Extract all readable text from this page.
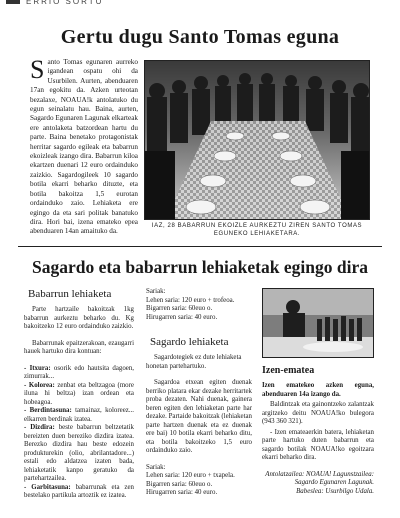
ERRIO SORTU
Gertu dugu Santo Tomas eguna
Santo Tomas egunaren aurreko igandean ospatu ohi da Usurbilen. Aurten, abenduaren 17an egokitu da. Azken urteotan bezalaxe, NOAUA!k antolatuko du egun seinalatu hau. Baina, aurten, Sagardo Egunaren Lagunak elkarteak ere antolaketa batzordean hartu du parte. Baina benetako protagonistak herritar sagardo egileak eta babarrun ekoizleak izango dira. Babarrun kiloa ekartzen duenari 12 euro ordainduko zaizkio. Sagardogileek 10 sagardo botila ekarri beharko dituzte, eta botila bakoitza 1,5 eurotan ordainduko zaio. Lehiaketa ere egingo da eta sari politak banatuko dira. Hori bai, izena emateko epea abenduaren 14an amaituko da.
IAZ, 28 BABARRUN EKOIZLE AURKEZTU ZIREN SANTO TOMAS EGUNEKO LEHIAKETARA.
Sagardo eta babarrun lehiaketak egingo dira
Babarrun lehiaketa
Parte hartzaile bakoitzak 1kg babarrun aurkeztu beharko du. Kg bakoitzeko 12 euro ordainduko zaizkio.
Babarrunak epaitzerakoan, ezaugarri hauek hartuko dira kontuan:
- Itxura: osorik edo hautsita dagoen, zimurrak...
- Kolorea: zenbat eta beltzagoa (more iluna hi beltza) izan ordean eta hobeagoa.
- Berdintasuna: tamainaz, koloreez... elkarren berdinak izatea.
- Dizdira: beste babarrun beltzetatik bereizten duen bereziko dizdira izatea. Berezko dizdira hau beste edozein produkturekin (olio, abrilantadore...) estali edo aldatzea izaten bada, lehiaketatik kanpo geratuko da partehartzailea.
- Garbitasuna: babarrunak eta zen bestelako partikula artoztik ez izatea.
Sariak:
Lehen saria: 120 euro + trofeoa.
Bigarren saria: 60euo o.
Hirugarren saria: 40 euro.
Sagardo lehiaketa
Sagardotegiek ez dute lehiaketa honetan partehartuko.
Sagardoa etxean egiten duenak berriko platara ekar dezake herritartek proba dezaten. Nahi duenak, gainera beren egiten den lehiaketan parte har dezake. Partaide bakoitzak (lehiaketan parte hartzen duenak eta ez duenak ere bai) 10 botila ekarri beharko ditu, eta botila bakoitzeko 1,5 euro ordainduko zaio.
Sariak:
Lehen saria: 120 euro + txapela.
Bigarren saria: 60euo o.
Hirugarren saria: 40 euro.
Izen-ematea
Izen ematekeo azken eguna, abenduaren 14a izango da.
Baldintzak eta gainontzeko zalantzak argitzeko deitu NOAUA!ko bulegora (943 360 321).
- Izen emateaerkin batera, lehiaketan parte hartuko duten babarrun eta sagardo botilak NOAUA!ko egoitzara ekarri beharko dira.
Antolatzailea: NOAUA! Lagunstzailea:
Sagardo Egunaren Lagunak.
Babeslea: Usurbilgo Udala.
